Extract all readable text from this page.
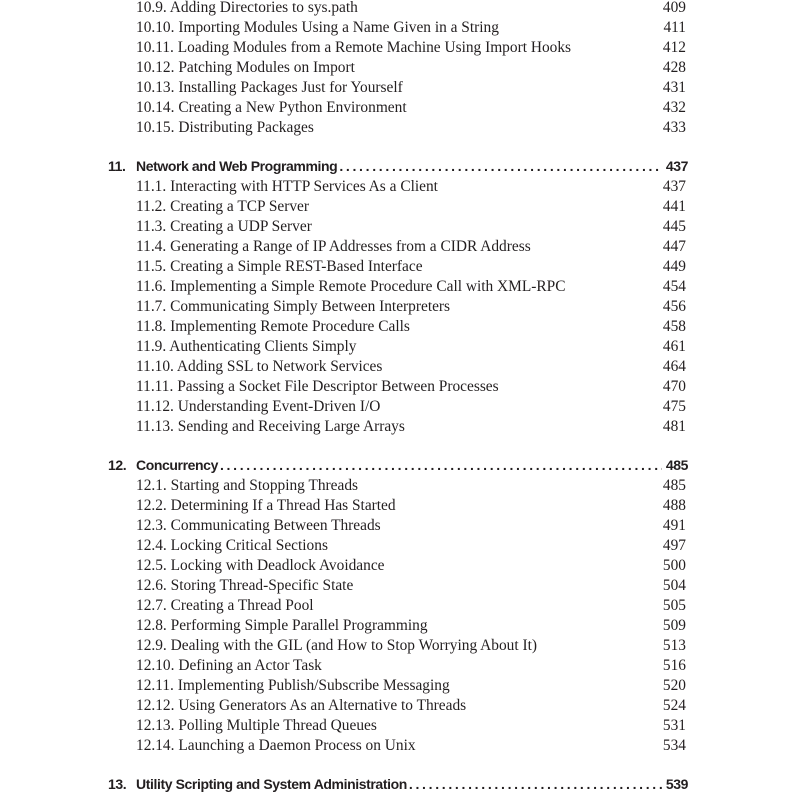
10.9. Adding Directories to sys.path	409
10.10. Importing Modules Using a Name Given in a String	411
10.11. Loading Modules from a Remote Machine Using Import Hooks	412
10.12. Patching Modules on Import	428
10.13. Installing Packages Just for Yourself	431
10.14. Creating a New Python Environment	432
10.15. Distributing Packages	433
11. Network and Web Programming . . .	437
11.1. Interacting with HTTP Services As a Client	437
11.2. Creating a TCP Server	441
11.3. Creating a UDP Server	445
11.4. Generating a Range of IP Addresses from a CIDR Address	447
11.5. Creating a Simple REST-Based Interface	449
11.6. Implementing a Simple Remote Procedure Call with XML-RPC	454
11.7. Communicating Simply Between Interpreters	456
11.8. Implementing Remote Procedure Calls	458
11.9. Authenticating Clients Simply	461
11.10. Adding SSL to Network Services	464
11.11. Passing a Socket File Descriptor Between Processes	470
11.12. Understanding Event-Driven I/O	475
11.13. Sending and Receiving Large Arrays	481
12. Concurrency . . .	485
12.1. Starting and Stopping Threads	485
12.2. Determining If a Thread Has Started	488
12.3. Communicating Between Threads	491
12.4. Locking Critical Sections	497
12.5. Locking with Deadlock Avoidance	500
12.6. Storing Thread-Specific State	504
12.7. Creating a Thread Pool	505
12.8. Performing Simple Parallel Programming	509
12.9. Dealing with the GIL (and How to Stop Worrying About It)	513
12.10. Defining an Actor Task	516
12.11. Implementing Publish/Subscribe Messaging	520
12.12. Using Generators As an Alternative to Threads	524
12.13. Polling Multiple Thread Queues	531
12.14. Launching a Daemon Process on Unix	534
13. Utility Scripting and System Administration . . .	539
